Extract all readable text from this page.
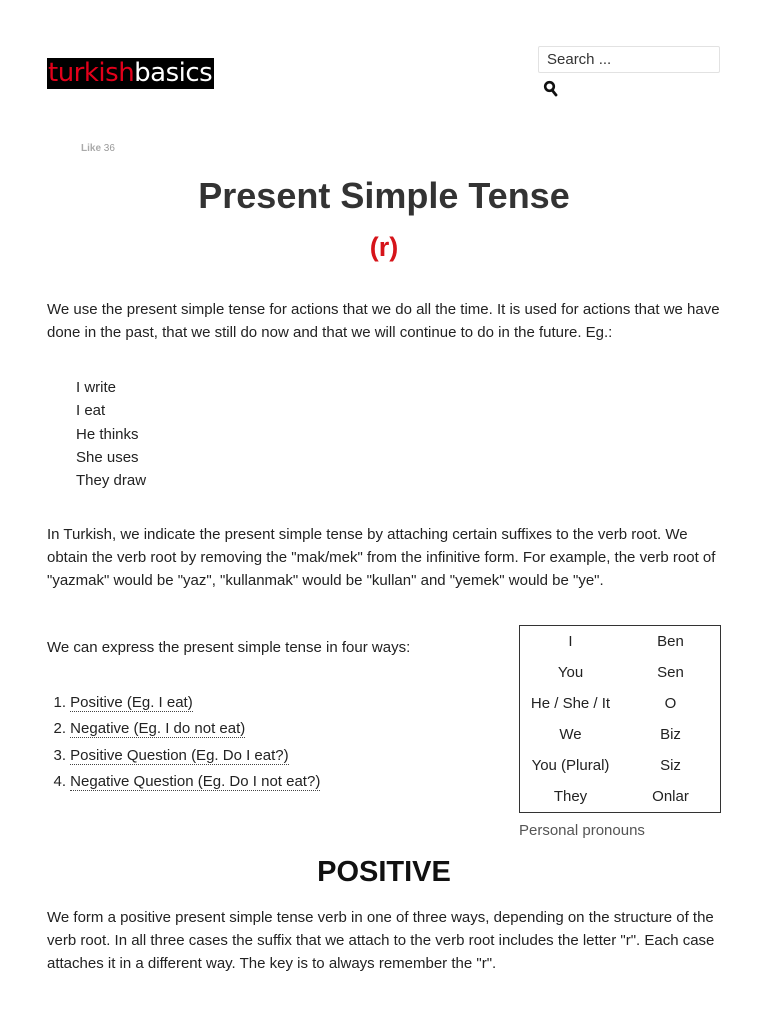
turkish basics
Search ...
Like 36
Present Simple Tense
(r)

We use the present simple tense for actions that we do all the time. It is used for actions that we have done in the past, that we still do now and that we will continue to do in the future. Eg.:

I write
I eat
He thinks
She uses
They draw

In Turkish, we indicate the present simple tense by attaching certain suffixes to the verb root. We obtain the verb root by removing the "mak/mek" from the infinitive form. For example, the verb root of "yazmak" would be "yaz", "kullanmak" would be "kullan" and "yemek" would be "ye".

We can express the present simple tense in four ways:

1. Positive (Eg. I eat)
2. Negative (Eg. I do not eat)
3. Positive Question (Eg. Do I eat?)
4. Negative Question (Eg. Do I not eat?)
I	Ben
You	Sen
He / She / It	O
We	Biz
You (Plural)	Siz
They	Onlar
Personal pronouns
POSITIVE

We form a positive present simple tense verb in one of three ways, depending on the structure of the verb root. In all three cases the suffix that we attach to the verb root includes the letter "r". Each case attaches it in a different way. The key is to always remember the "r".
